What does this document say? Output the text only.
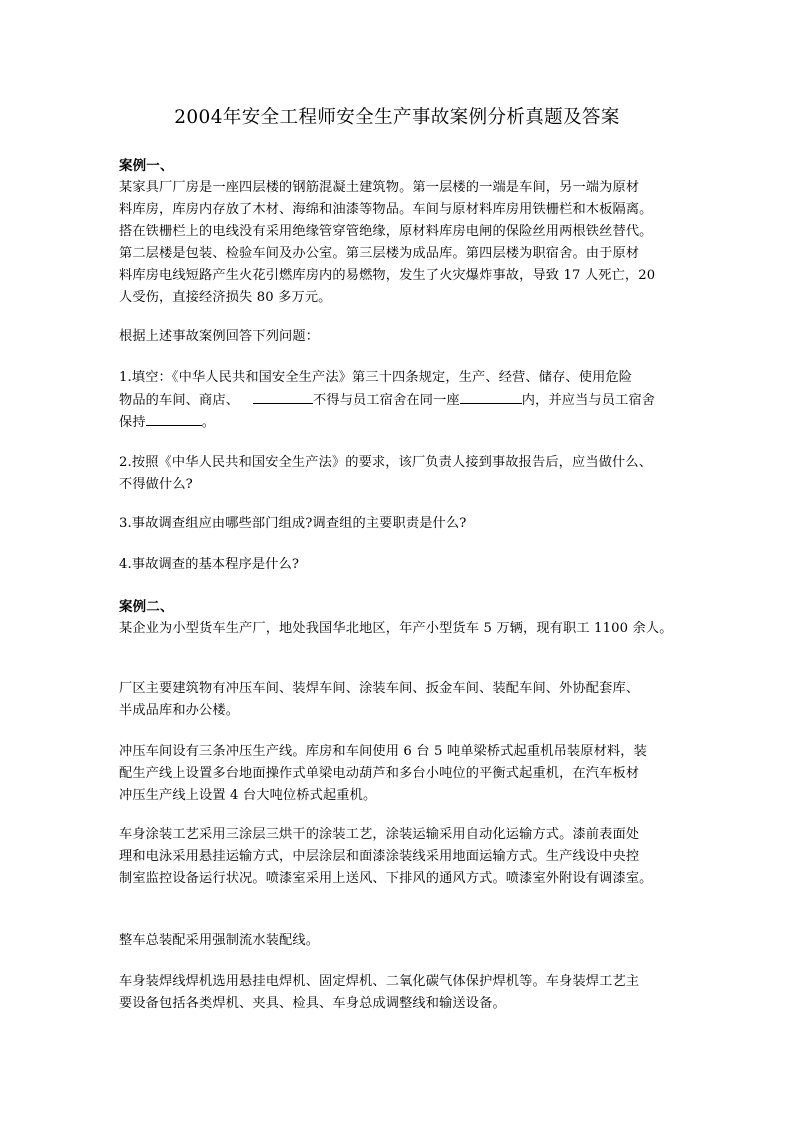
2004年安全工程师安全生产事故案例分析真题及答案
案例一、
某家具厂厂房是一座四层楼的钢筋混凝土建筑物。第一层楼的一端是车间，另一端为原材
料库房，库房内存放了木材、海绵和油漆等物品。车间与原材料库房用铁栅栏和木板隔离。
搭在铁栅栏上的电线没有采用绝缘管穿管绝缘，原材料库房电闸的保险丝用两根铁丝替代。
第二层楼是包装、检验车间及办公室。第三层楼为成品库。第四层楼为职宿舍。由于原材
料库房电线短路产生火花引燃库房内的易燃物，发生了火灾爆炸事故，导致 17 人死亡，20
人受伤，直接经济损失 80 多万元。
根据上述事故案例回答下列问题：
1.填空：《中华人民共和国安全生产法》第三十四条规定，生产、经营、储存、使用危险
物品的车间、商店、	不得与员工宿舍在同一座	内，并应当与员工宿舍
保持	。
2.按照《中华人民共和国安全生产法》的要求，该厂负责人接到事故报告后，应当做什么、
不得做什么?
3.事故调查组应由哪些部门组成?调查组的主要职责是什么?
4.事故调查的基本程序是什么?
案例二、
某企业为小型货车生产厂，地处我国华北地区，年产小型货车 5 万辆，现有职工 1100 余人。
厂区主要建筑物有冲压车间、装焊车间、涂装车间、扳金车间、装配车间、外协配套库、
半成品库和办公楼。
冲压车间设有三条冲压生产线。库房和车间使用 6 台 5 吨单梁桥式起重机吊装原材料，装
配生产线上设置多台地面操作式单梁电动葫芦和多台小吨位的平衡式起重机，在汽车板材
冲压生产线上设置 4 台大吨位桥式起重机。
车身涂装工艺采用三涂层三烘干的涂装工艺，涂装运输采用自动化运输方式。漆前表面处
理和电泳采用悬挂运输方式，中层涂层和面漆涂装线采用地面运输方式。生产线设中央控
制室监控设备运行状况。喷漆室采用上送风、下排风的通风方式。喷漆室外附设有调漆室。
整车总装配采用强制流水装配线。
车身装焊线焊机选用悬挂电焊机、固定焊机、二氧化碳气体保护焊机等。车身装焊工艺主
要设备包括各类焊机、夹具、检具、车身总成调整线和输送设备。
